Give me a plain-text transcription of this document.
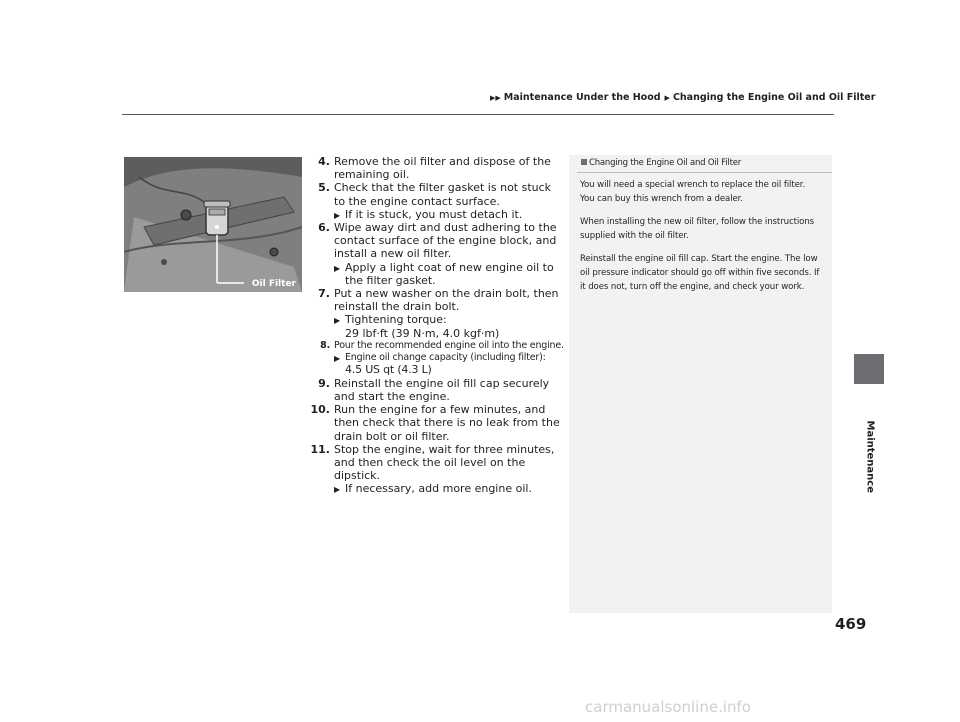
▶▶ Maintenance Under the Hood ▶ Changing the Engine Oil and Oil Filter
Maintenance
Oil Filter
4. Remove the oil filter and dispose of the remaining oil.
5. Check that the filter gasket is not stuck to the engine contact surface.
▶ If it is stuck, you must detach it.
6. Wipe away dirt and dust adhering to the contact surface of the engine block, and install a new oil filter.
▶ Apply a light coat of new engine oil to the filter gasket.
7. Put a new washer on the drain bolt, then reinstall the drain bolt.
▶ Tightening torque:
29 lbf·ft (39 N·m, 4.0 kgf·m)
8. Pour the recommended engine oil into the engine.
▶ Engine oil change capacity (including filter):
4.5 US qt (4.3 L)
9. Reinstall the engine oil fill cap securely and start the engine.
10. Run the engine for a few minutes, and then check that there is no leak from the drain bolt or oil filter.
11. Stop the engine, wait for three minutes, and then check the oil level on the dipstick.
▶ If necessary, add more engine oil.
Changing the Engine Oil and Oil Filter

You will need a special wrench to replace the oil filter. You can buy this wrench from a dealer.

When installing the new oil filter, follow the instructions supplied with the oil filter.

Reinstall the engine oil fill cap. Start the engine. The low oil pressure indicator should go off within five seconds. If it does not, turn off the engine, and check your work.

469
carmanualsonline.info
